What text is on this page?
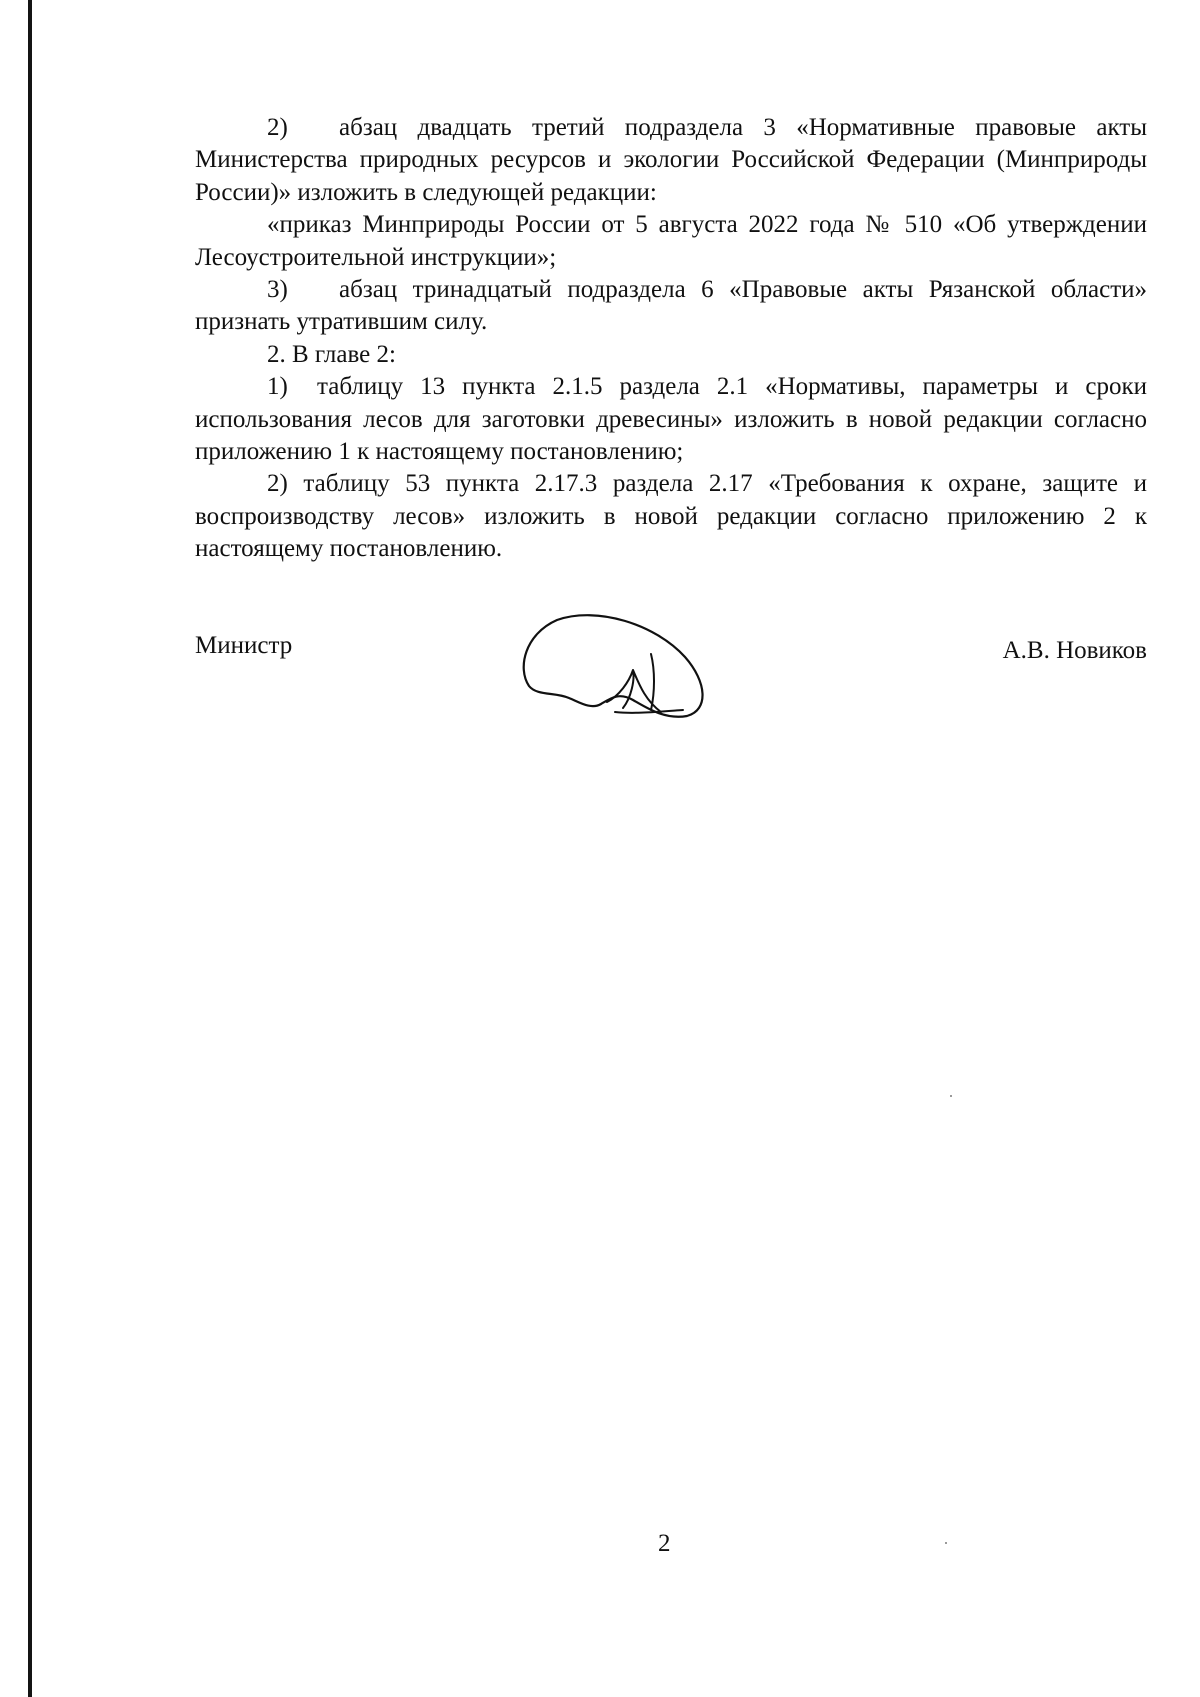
2) абзац двадцать третий подраздела 3 «Нормативные правовые акты Министерства природных ресурсов и экологии Российской Федерации (Минприроды России)» изложить в следующей редакции:

«приказ Минприроды России от 5 августа 2022 года № 510 «Об утверждении Лесоустроительной инструкции»;

3) абзац тринадцатый подраздела 6 «Правовые акты Рязанской области» признать утратившим силу.

2. В главе 2:

1) таблицу 13 пункта 2.1.5 раздела 2.1 «Нормативы, параметры и сроки использования лесов для заготовки древесины» изложить в новой редакции согласно приложению 1 к настоящему постановлению;

2) таблицу 53 пункта 2.17.3 раздела 2.17 «Требования к охране, защите и воспроизводству лесов» изложить в новой редакции согласно приложению 2 к настоящему постановлению.

Министр	А.В. Новиков
2
